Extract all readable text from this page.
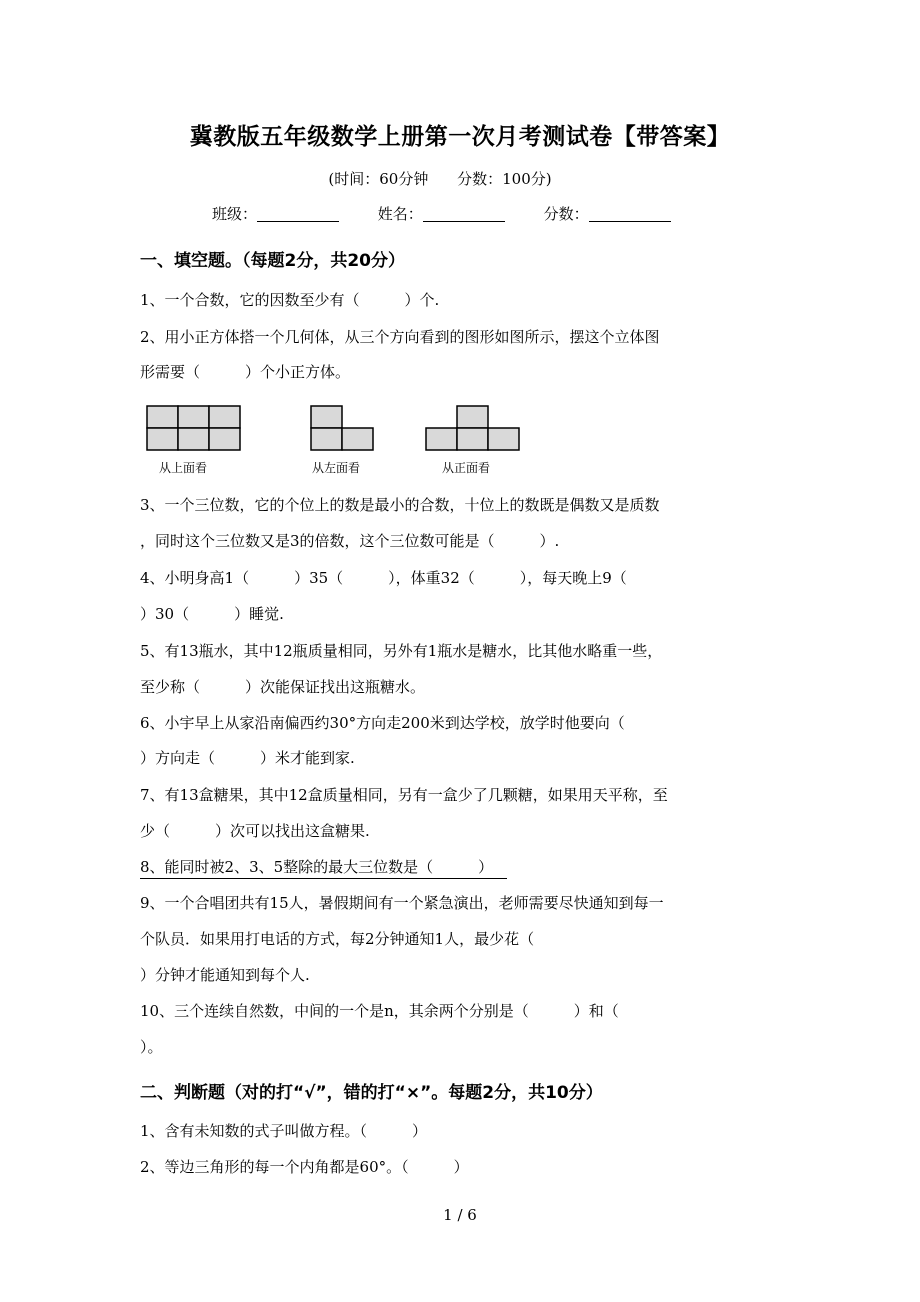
冀教版五年级数学上册第一次月考测试卷【带答案】
(时间：60分钟 分数：100分)
班级：	姓名：	分数：
一、填空题。（每题2分，共20分）
1、一个合数，它的因数至少有（　　　）个.
2、用小正方体搭一个几何体，从三个方向看到的图形如图所示，摆这个立体图
形需要（　　　）个小正方体。
从上面看	从左面看	从正面看
3、一个三位数，它的个位上的数是最小的合数，十位上的数既是偶数又是质数
，同时这个三位数又是3的倍数，这个三位数可能是（　　　）.
4、小明身高1（　　　）35（　　　），体重32（　　　），每天晚上9（
）30（　　　）睡觉.
5、有13瓶水，其中12瓶质量相同，另外有1瓶水是糖水，比其他水略重一些，
至少称（　　　）次能保证找出这瓶糖水。
6、小宇早上从家沿南偏西约30°方向走200米到达学校，放学时他要向（
）方向走（　　　）米才能到家.
7、有13盒糖果，其中12盒质量相同，另有一盒少了几颗糖，如果用天平称，至
少（　　　）次可以找出这盒糖果.
8、能同时被2、3、5整除的最大三位数是（　　　）
9、一个合唱团共有15人，暑假期间有一个紧急演出，老师需要尽快通知到每一
个队员．如果用打电话的方式，每2分钟通知1人，最少花（
）分钟才能通知到每个人.
10、三个连续自然数，中间的一个是n，其余两个分别是（　　　）和（
）。
二、判断题（对的打“√”，错的打“×”。每题2分，共10分）
1、含有未知数的式子叫做方程。（　　　）
2、等边三角形的每一个内角都是60°。（　　　）
1 / 6
